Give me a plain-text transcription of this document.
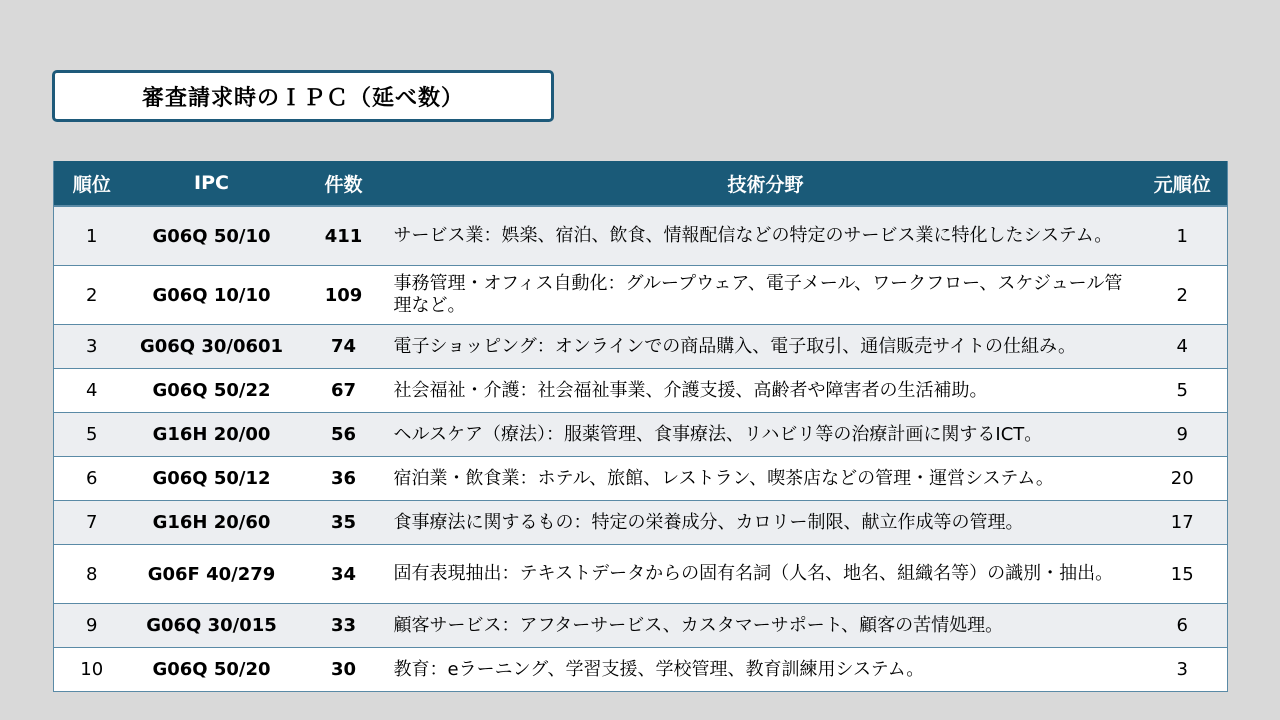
審査請求時のＩＰＣ（延べ数）
順位	IPC	件数	技術分野	元順位
1	G06Q 50/10	411	サービス業：娯楽、宿泊、飲食、情報配信などの特定のサービス業に特化したシステム。	1
2	G06Q 10/10	109	事務管理・オフィス自動化：グループウェア、電子メール、ワークフロー、スケジュール管理など。	2
3	G06Q 30/0601	74	電子ショッピング：オンラインでの商品購入、電子取引、通信販売サイトの仕組み。	4
4	G06Q 50/22	67	社会福祉・介護：社会福祉事業、介護支援、高齢者や障害者の生活補助。	5
5	G16H 20/00	56	ヘルスケア（療法）：服薬管理、食事療法、リハビリ等の治療計画に関するICT。	9
6	G06Q 50/12	36	宿泊業・飲食業：ホテル、旅館、レストラン、喫茶店などの管理・運営システム。	20
7	G16H 20/60	35	食事療法に関するもの：特定の栄養成分、カロリー制限、献立作成等の管理。	17
8	G06F 40/279	34	固有表現抽出：テキストデータからの固有名詞（人名、地名、組織名等）の識別・抽出。	15
9	G06Q 30/015	33	顧客サービス：アフターサービス、カスタマーサポート、顧客の苦情処理。	6
10	G06Q 50/20	30	教育：eラーニング、学習支援、学校管理、教育訓練用システム。	3
